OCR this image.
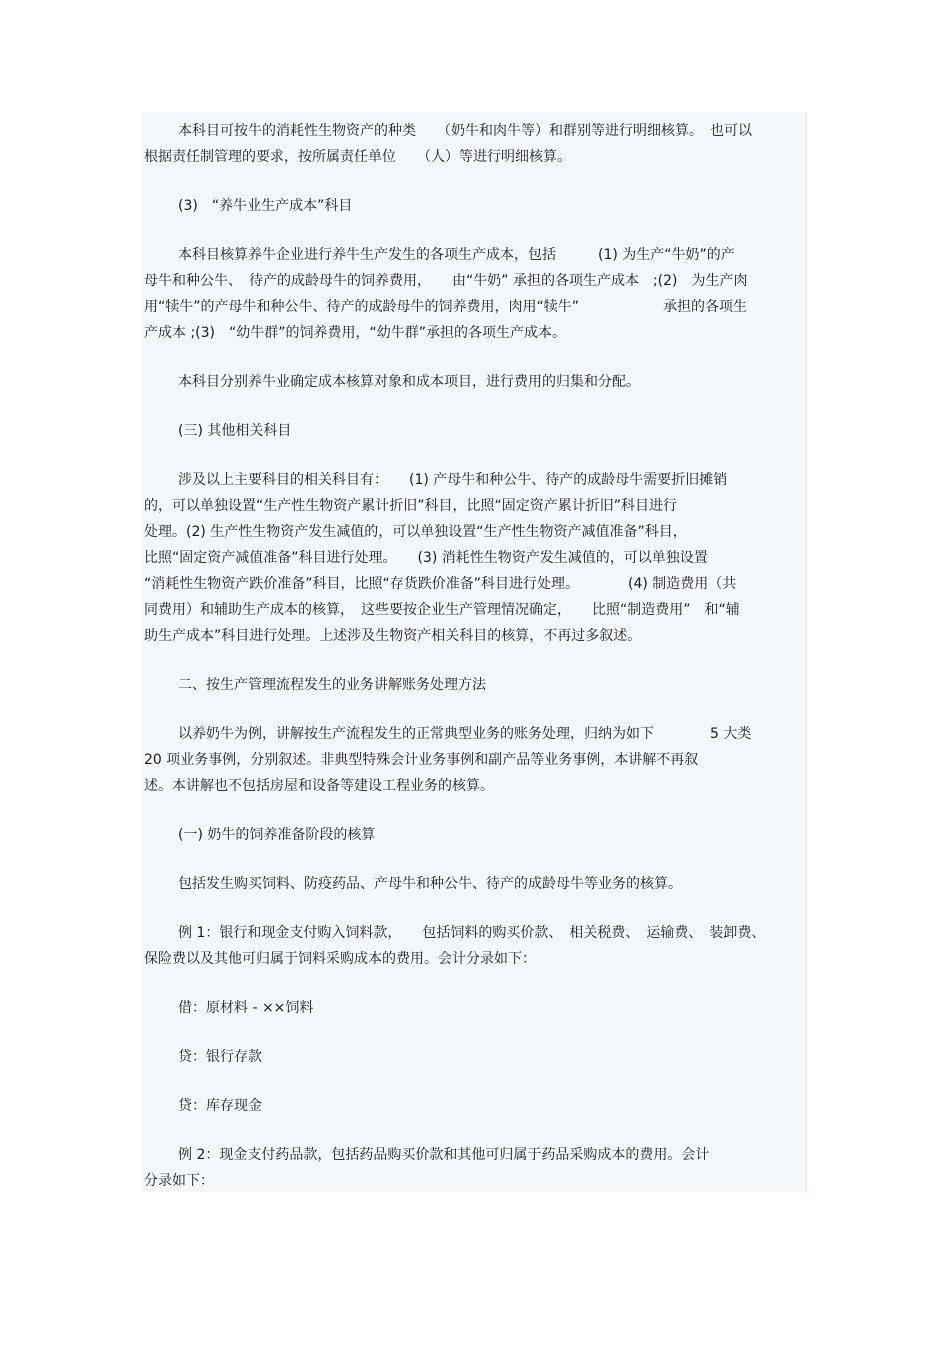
本科目可按牛的消耗性生物资产的种类　　（奶牛和肉牛等）和群别等进行明细核算。　也可以
根据责任制管理的要求，按所属责任单位　　（人）等进行明细核算。
(3)　“养牛业生产成本”科目
本科目核算养牛企业进行养牛生产发生的各项生产成本，包括　　　(1) 为生产“牛奶”的产
母牛和种公牛、　待产的成龄母牛的饲养费用，　　由“牛奶” 承担的各项生产成本　;(2)　为生产肉
用“犊牛”的产母牛和种公牛、待产的成龄母牛的饲养费用，肉用“犊牛”　　　　　　承担的各项生
产成本 ;(3)　“幼牛群”的饲养费用，“幼牛群”承担的各项生产成本。
本科目分别养牛业确定成本核算对象和成本项目，进行费用的归集和分配。
(三) 其他相关科目
涉及以上主要科目的相关科目有：　　(1) 产母牛和种公牛、待产的成龄母牛需要折旧摊销
的，可以单独设置“生产性生物资产累计折旧”科目，比照“固定资产累计折旧”科目进行
处理。(2) 生产性生物资产发生减值的，可以单独设置“生产性生物资产减值准备”科目，
比照“固定资产减值准备”科目进行处理。　　(3) 消耗性生物资产发生减值的，可以单独设置
“消耗性生物资产跌价准备”科目，比照“存货跌价准备”科目进行处理。　　　　(4) 制造费用（共
同费用）和辅助生产成本的核算，　这些要按企业生产管理情况确定，　　比照“制造费用”　和“辅
助生产成本”科目进行处理。上述涉及生物资产相关科目的核算，不再过多叙述。
二、按生产管理流程发生的业务讲解账务处理方法
以养奶牛为例，讲解按生产流程发生的正常典型业务的账务处理，归纳为如下　　　　5 大类
20 项业务事例，分别叙述。非典型特殊会计业务事例和副产品等业务事例，本讲解不再叙
述。本讲解也不包括房屋和设备等建设工程业务的核算。
(一) 奶牛的饲养准备阶段的核算
包括发生购买饲料、防疫药品、产母牛和种公牛、待产的成龄母牛等业务的核算。
例 1：银行和现金支付购入饲料款，　　包括饲料的购买价款、　相关税费、　运输费、　装卸费、
保险费以及其他可归属于饲料采购成本的费用。会计分录如下：
借：原材料 - ××饲料
贷：银行存款
贷：库存现金
例 2：现金支付药品款，包括药品购买价款和其他可归属于药品采购成本的费用。会计
分录如下：
